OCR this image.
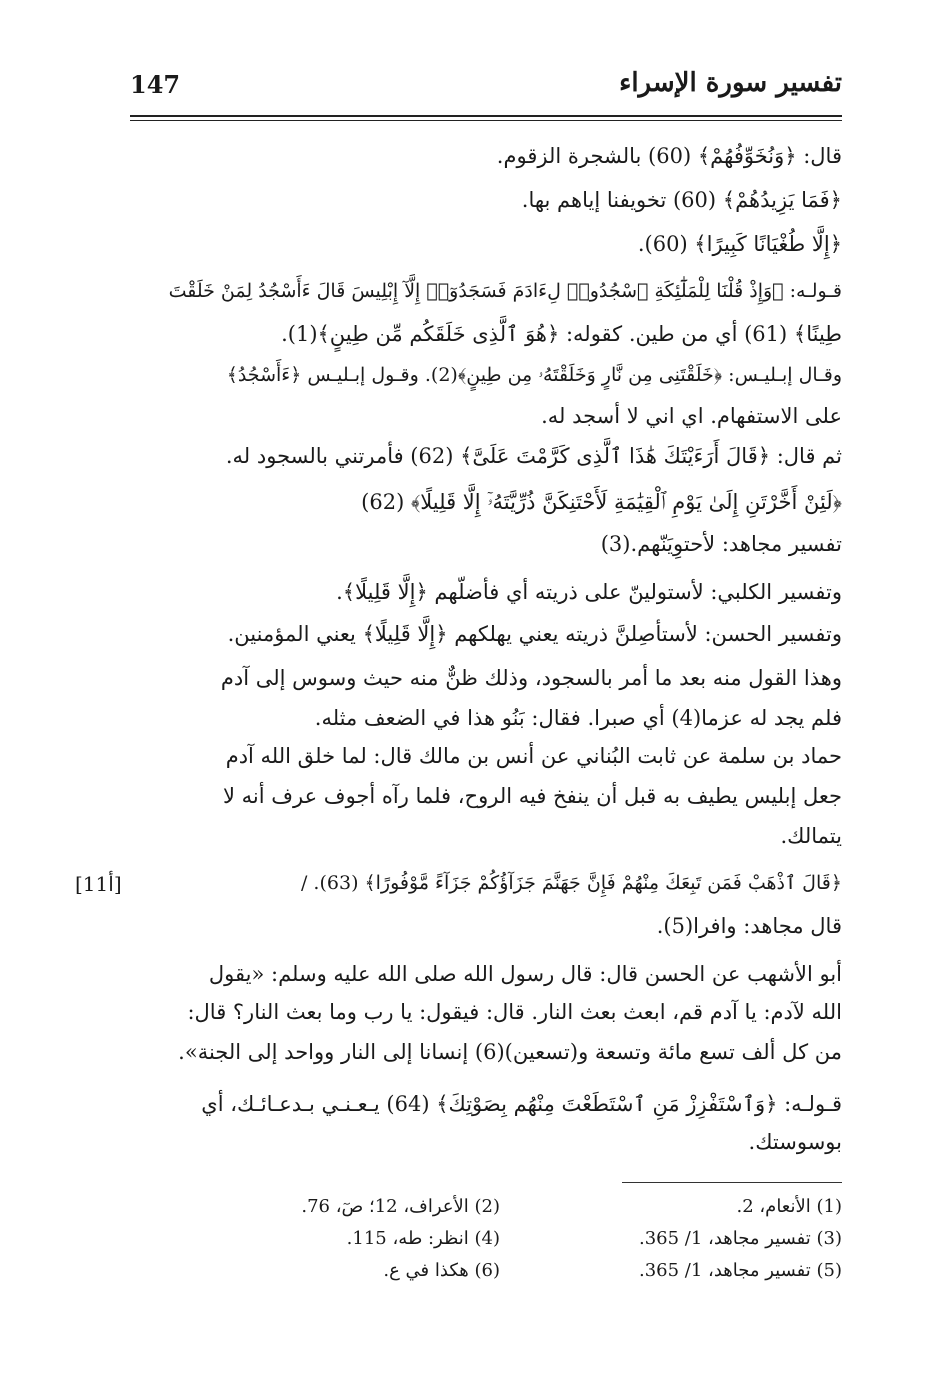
147	تفسير سورة الإسراء
قال: ﴿وَنُخَوِّفُهُمْ﴾ (60) بالشجرة الزقوم.
﴿فَمَا يَزِيدُهُمْ﴾ (60) تخويفنا إياهم بها.
﴿إِلَّا طُغْيَانًا كَبِيرًا﴾ (60).
قـولـه: ﴿وَإِذْ قُلْنَا لِلْمَلَٰٓئِكَةِ ٱسْجُدُوا۟ لِءَادَمَ فَسَجَدُوٓا۟ إِلَّآ إِبْلِيسَ قَالَ ءَأَسْجُدُ لِمَنْ خَلَقْتَ
طِينًا﴾ (61) أي من طين. كقوله: ﴿هُوَ ٱلَّذِى خَلَقَكُم مِّن طِينٍ﴾(1).
وقـال إبـليـس: ﴿خَلَقْتَنِى مِن نَّارٍ وَخَلَقْتَهُۥ مِن طِينٍ﴾(2). وقـول إبـليـس ﴿ءَأَسْجُدُ﴾
على الاستفهام. اي اني لا أسجد له.
ثم قال: ﴿قَالَ أَرَءَيْتَكَ هَٰذَا ٱلَّذِى كَرَّمْتَ عَلَىَّ﴾ (62) فأمرتني بالسجود له.
﴿لَئِنْ أَخَّرْتَنِ إِلَىٰ يَوْمِ ٱلْقِيَٰمَةِ لَأَحْتَنِكَنَّ ذُرِّيَّتَهُۥٓ إِلَّا قَلِيلًا﴾ (62)
تفسير مجاهد: لأحتوِيَنّهم.(3)
وتفسير الكلبي: لأستولينّ على ذريته أي فأضلّهم ﴿إِلَّا قَلِيلًا﴾.
وتفسير الحسن: لأستأصِلنَّ ذريته يعني يهلكهم ﴿إِلَّا قَلِيلًا﴾ يعني المؤمنين.
وهذا القول منه بعد ما أمر بالسجود، وذلك ظنٌّ منه حيث وسوس إلى آدم
فلم يجد له عزما(4) أي صبرا. فقال: بَنُو هذا في الضعف مثله.
حماد بن سلمة عن ثابت البُناني عن أنس بن مالك قال: لما خلق الله آدم
جعل إبليس يطيف به قبل أن ينفخ فيه الروح، فلما رآه أجوف عرف أنه لا
يتمالك.
﴿قَالَ ٱذْهَبْ فَمَن تَبِعَكَ مِنْهُمْ فَإِنَّ جَهَنَّمَ جَزَآؤُكُمْ جَزَآءً مَّوْفُورًا﴾ (63). /
قال مجاهد: وافرا(5).
أبو الأشهب عن الحسن قال: قال رسول الله صلى الله عليه وسلم: «يقول
الله لآدم: يا آدم قم، ابعث بعث النار. قال: فيقول: يا رب وما بعث النار؟ قال:
من كل ألف تسع مائة وتسعة و(تسعين)(6) إنسانا إلى النار وواحد إلى الجنة».
قـولـه: ﴿وَٱسْتَفْزِزْ مَنِ ٱسْتَطَعْتَ مِنْهُم بِصَوْتِكَ﴾ (64) يـعـنـي بـدعـائـك، أي
بوسوستك.
[11أ]
(1) الأنعام، 2.
(2) الأعراف، 12؛ صٓ، 76.
(3) تفسير مجاهد، 1/ 365.
(4) انظر: طه، 115.
(5) تفسير مجاهد، 1/ 365.
(6) هكذا في ع.
